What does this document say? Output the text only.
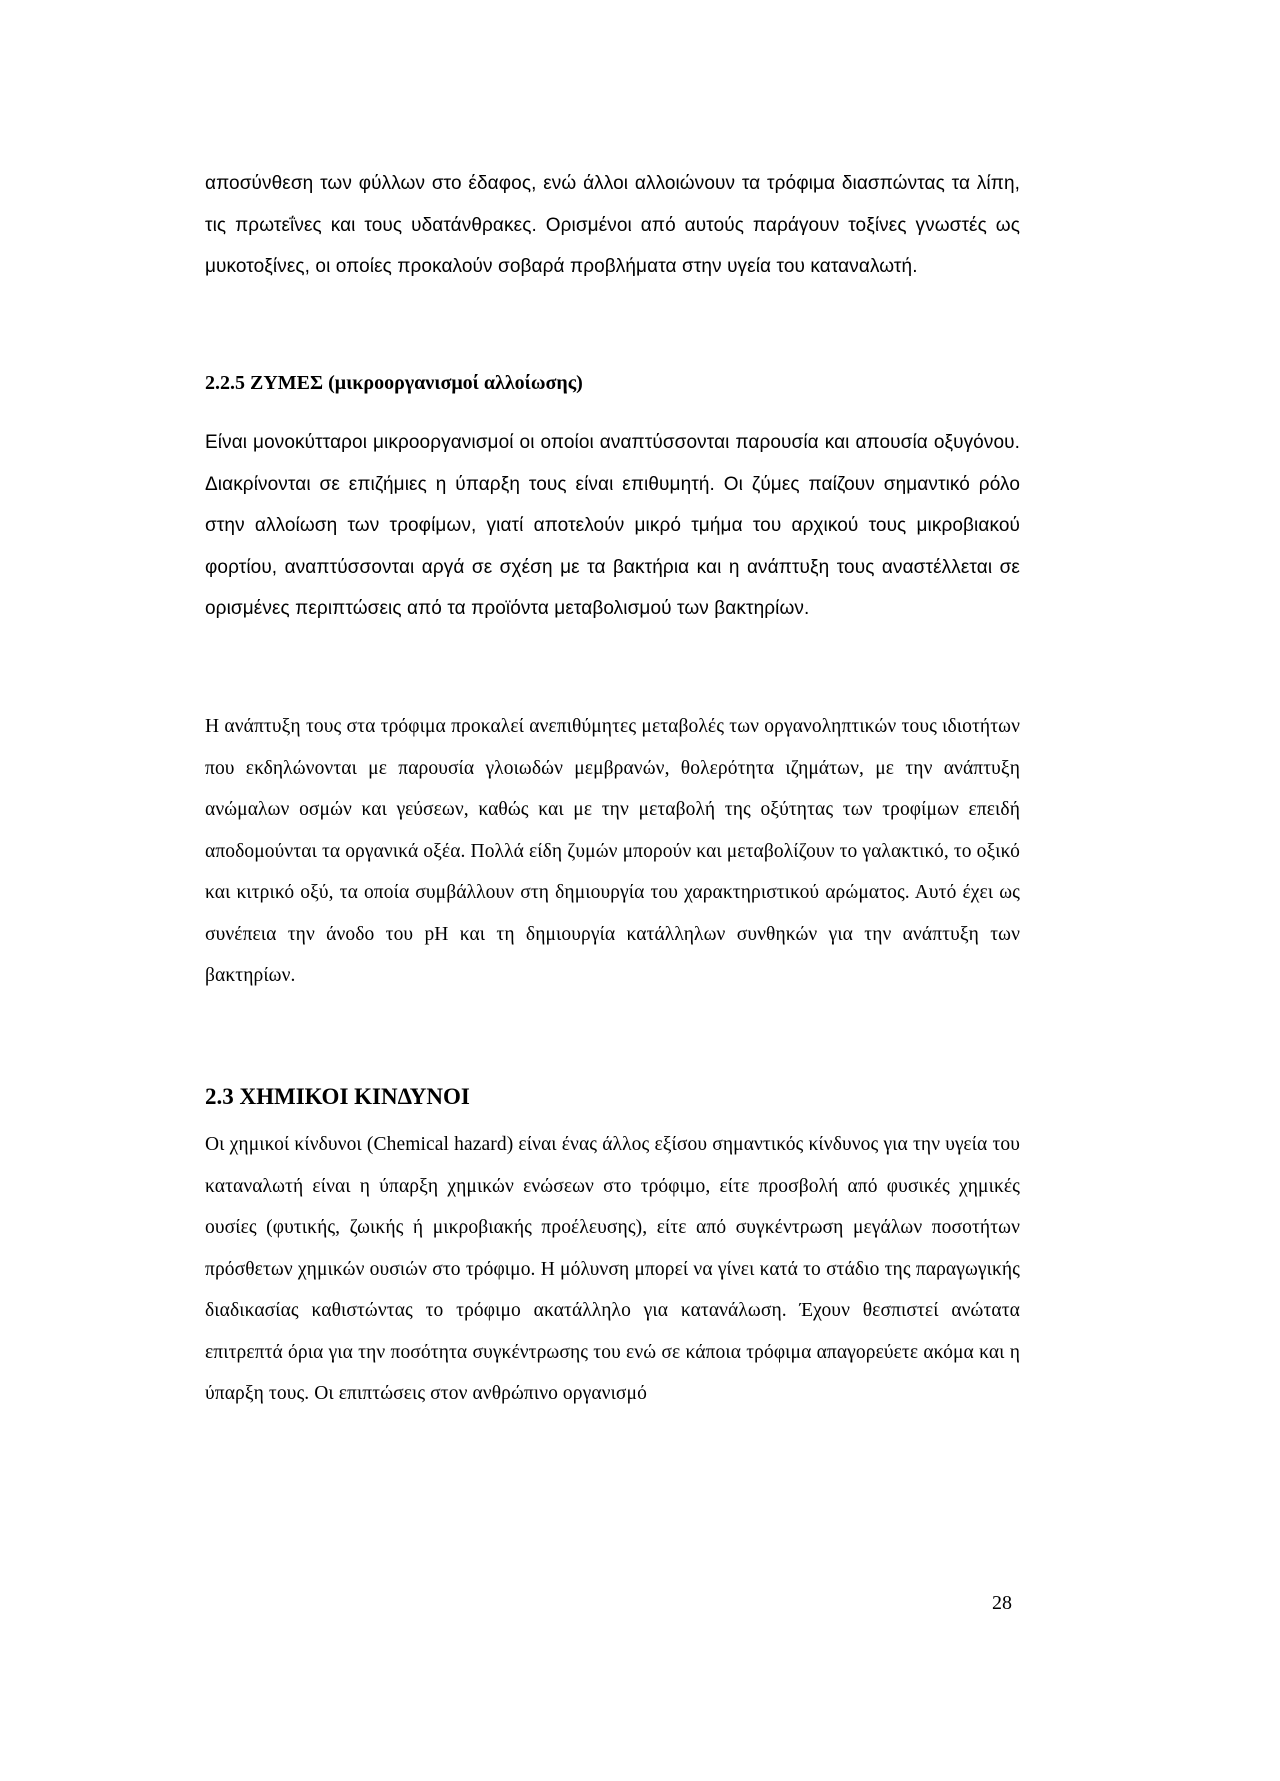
αποσύνθεση των φύλλων στο έδαφος, ενώ άλλοι αλλοιώνουν τα τρόφιμα διασπώντας τα λίπη, τις πρωτεΐνες και τους υδατάνθρακες. Ορισμένοι από αυτούς παράγουν τοξίνες γνωστές ως μυκοτοξίνες, οι οποίες προκαλούν σοβαρά προβλήματα στην υγεία του καταναλωτή.

2.2.5 ΖΥΜΕΣ (μικροοργανισμοί αλλοίωσης)

Είναι μονοκύτταροι μικροοργανισμοί οι οποίοι αναπτύσσονται παρουσία και απουσία οξυγόνου. Διακρίνονται σε επιζήμιες η ύπαρξη τους είναι επιθυμητή. Οι ζύμες παίζουν σημαντικό ρόλο στην αλλοίωση των τροφίμων, γιατί αποτελούν μικρό τμήμα του αρχικού τους μικροβιακού φορτίου, αναπτύσσονται αργά σε σχέση με τα βακτήρια και η ανάπτυξη τους αναστέλλεται σε ορισμένες περιπτώσεις από τα προϊόντα μεταβολισμού των βακτηρίων.

Η ανάπτυξη τους στα τρόφιμα προκαλεί ανεπιθύμητες μεταβολές των οργανοληπτικών τους ιδιοτήτων που εκδηλώνονται με παρουσία γλοιωδών μεμβρανών, θολερότητα ιζημάτων, με την ανάπτυξη ανώμαλων οσμών και γεύσεων, καθώς και με την μεταβολή της οξύτητας των τροφίμων επειδή αποδομούνται τα οργανικά οξέα. Πολλά είδη ζυμών μπορούν και μεταβολίζουν το γαλακτικό, το οξικό και κιτρικό οξύ, τα οποία συμβάλλουν στη δημιουργία του χαρακτηριστικού αρώματος. Αυτό έχει ως συνέπεια την άνοδο του pH και τη δημιουργία κατάλληλων συνθηκών για την ανάπτυξη των βακτηρίων.

2.3 ΧΗΜΙΚΟΙ ΚΙΝΔΥΝΟΙ

Οι χημικοί κίνδυνοι (Chemical hazard) είναι ένας άλλος εξίσου σημαντικός κίνδυνος για την υγεία του καταναλωτή είναι η ύπαρξη χημικών ενώσεων στο τρόφιμο, είτε προσβολή από φυσικές χημικές ουσίες (φυτικής, ζωικής ή μικροβιακής προέλευσης), είτε από συγκέντρωση μεγάλων ποσοτήτων πρόσθετων χημικών ουσιών στο τρόφιμο. Η μόλυνση μπορεί να γίνει κατά το στάδιο της παραγωγικής διαδικασίας καθιστώντας το τρόφιμο ακατάλληλο για κατανάλωση. Έχουν θεσπιστεί ανώτατα επιτρεπτά όρια για την ποσότητα συγκέντρωσης του ενώ σε κάποια τρόφιμα απαγορεύετε ακόμα και η ύπαρξη τους. Οι επιπτώσεις στον ανθρώπινο οργανισμό

28
